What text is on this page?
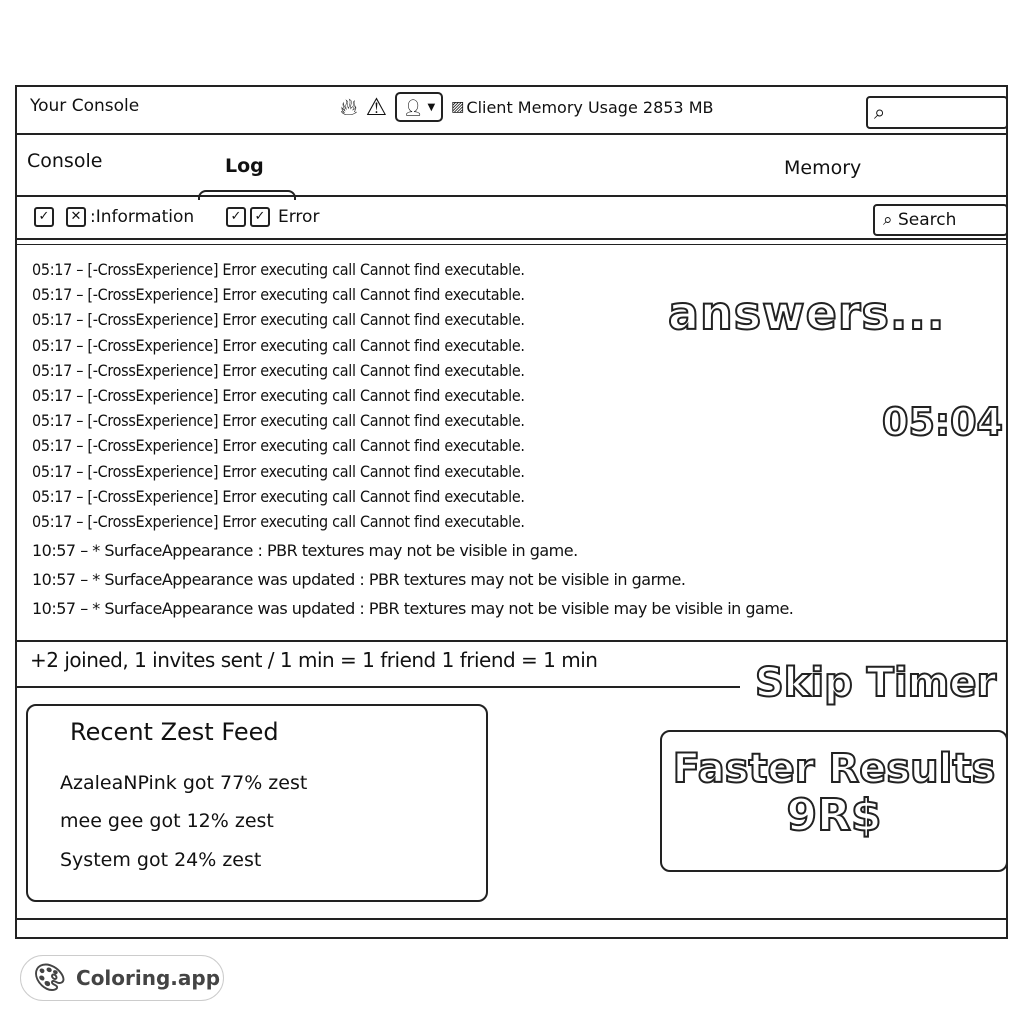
Your Console	🔥︎ ⚠︎ 👤︎ ▼ ▨ Client Memory Usage 2853 MB	⌕
Console	Log	Memory
✓	✕ :Information	✓	✓ Error	⌕ Search
05:17 – [-CrossExperience] Error executing call Cannot find executable.
05:17 – [-CrossExperience] Error executing call Cannot find executable.
05:17 – [-CrossExperience] Error executing call Cannot find executable.
05:17 – [-CrossExperience] Error executing call Cannot find executable.
05:17 – [-CrossExperience] Error executing call Cannot find executable.
05:17 – [-CrossExperience] Error executing call Cannot find executable.
05:17 – [-CrossExperience] Error executing call Cannot find executable.
05:17 – [-CrossExperience] Error executing call Cannot find executable.
05:17 – [-CrossExperience] Error executing call Cannot find executable.
05:17 – [-CrossExperience] Error executing call Cannot find executable.
05:17 – [-CrossExperience] Error executing call Cannot find executable.
10:57 – * SurfaceAppearance : PBR textures may not be visible in game.
10:57 – * SurfaceAppearance was updated : PBR textures may not be visible in garme.
10:57 – * SurfaceAppearance was updated : PBR textures may not be visible may be visible in game.
answers...
05:04
+2 joined, 1 invites sent / 1 min = 1 friend 1 friend = 1 min	Skip Timer
Recent Zest Feed
AzaleaNPink got 77% zest
mee gee got 12% zest
System got 24% zest
Faster Results
9R$
🎨︎ Coloring.app
